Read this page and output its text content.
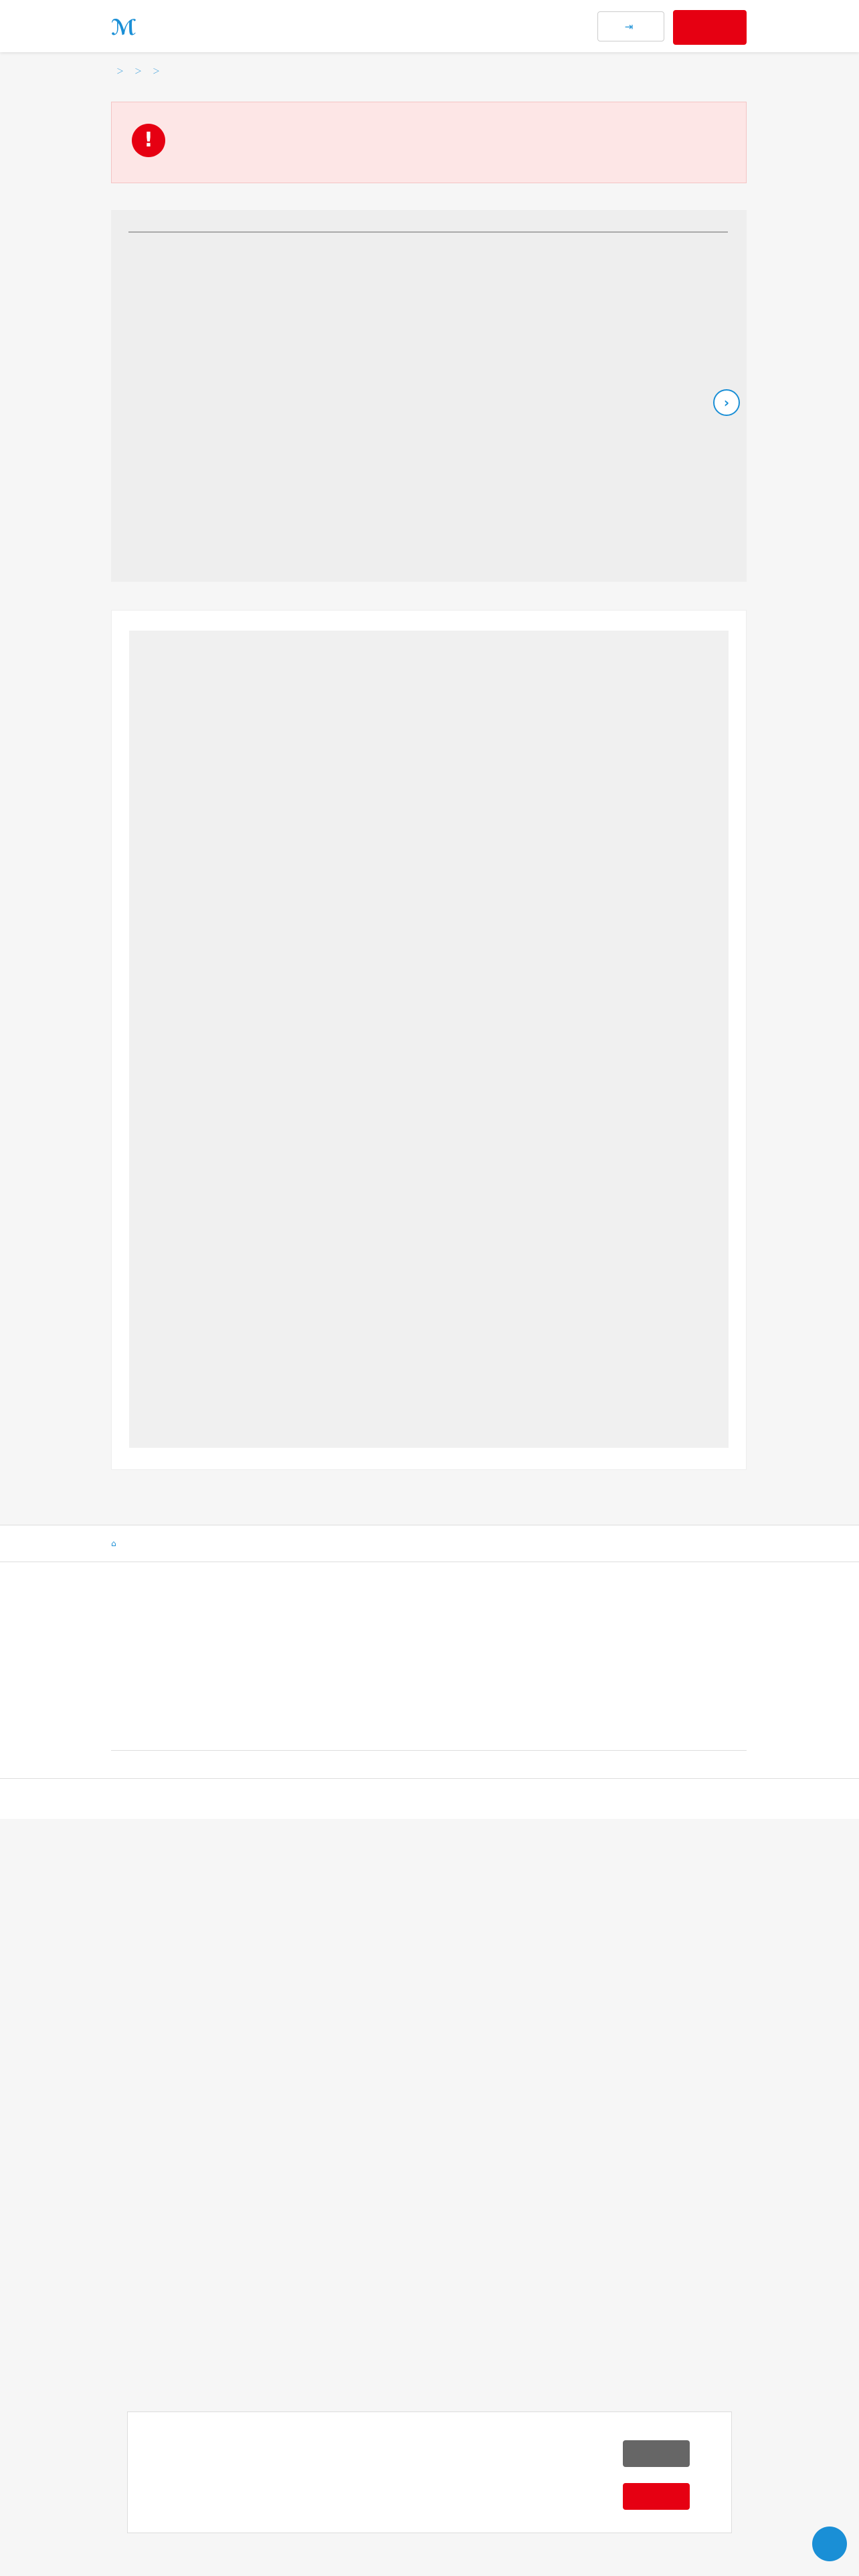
ℳ	⇥
＞ ＞ ＞
!
›
⌂
